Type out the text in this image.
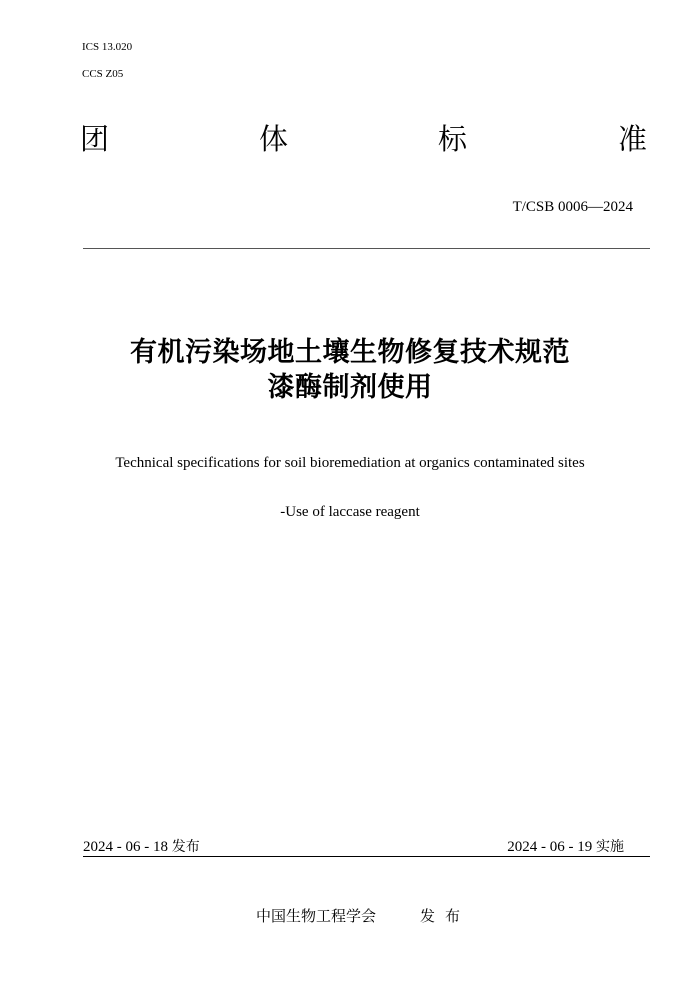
ICS 13.020
CCS Z05
团	体	标	准
T/CSB 0006—2024
有机污染场地土壤生物修复技术规范
漆酶制剂使用
Technical specifications for soil bioremediation at organics contaminated sites
-Use of laccase reagent
2024 - 06 - 18 发布	2024 - 06 - 19 实施
中国生物工程学会	发布
